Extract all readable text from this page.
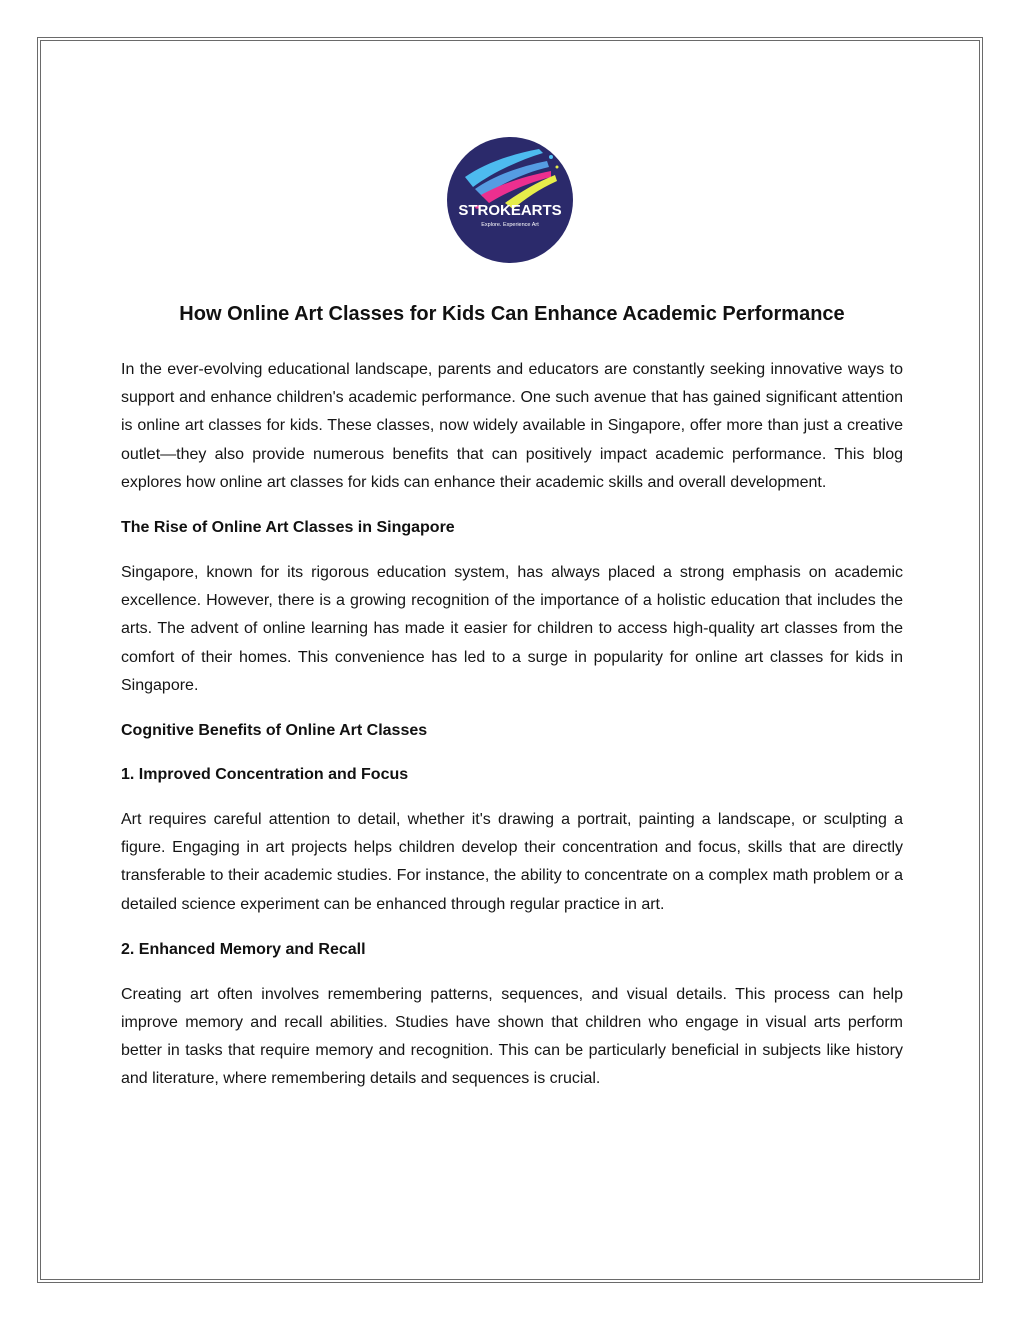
STROKEARTS
Explore. Experience Art
How Online Art Classes for Kids Can Enhance Academic Performance

In the ever-evolving educational landscape, parents and educators are constantly seeking innovative ways to support and enhance children's academic performance. One such avenue that has gained significant attention is online art classes for kids. These classes, now widely available in Singapore, offer more than just a creative outlet—they also provide numerous benefits that can positively impact academic performance. This blog explores how online art classes for kids can enhance their academic skills and overall development.

The Rise of Online Art Classes in Singapore

Singapore, known for its rigorous education system, has always placed a strong emphasis on academic excellence. However, there is a growing recognition of the importance of a holistic education that includes the arts. The advent of online learning has made it easier for children to access high-quality art classes from the comfort of their homes. This convenience has led to a surge in popularity for online art classes for kids in Singapore.

Cognitive Benefits of Online Art Classes
1. Improved Concentration and Focus

Art requires careful attention to detail, whether it's drawing a portrait, painting a landscape, or sculpting a figure. Engaging in art projects helps children develop their concentration and focus, skills that are directly transferable to their academic studies. For instance, the ability to concentrate on a complex math problem or a detailed science experiment can be enhanced through regular practice in art.

2. Enhanced Memory and Recall

Creating art often involves remembering patterns, sequences, and visual details. This process can help improve memory and recall abilities. Studies have shown that children who engage in visual arts perform better in tasks that require memory and recognition. This can be particularly beneficial in subjects like history and literature, where remembering details and sequences is crucial.
